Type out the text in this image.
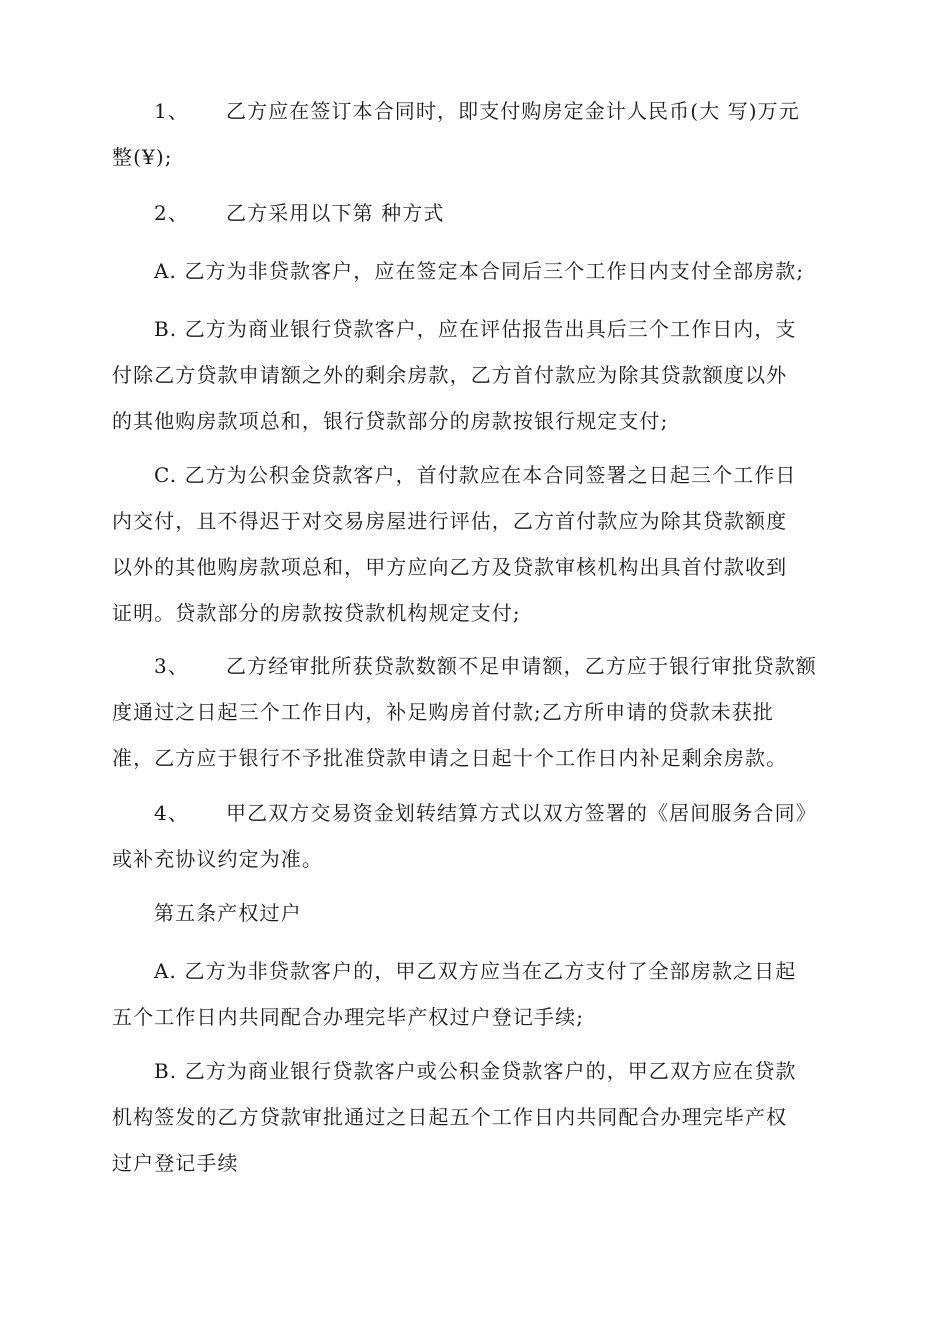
1、 乙方应在签订本合同时，即支付购房定金计人民币(大 写)万元
整(¥);
2、 乙方采用以下第 种方式
A. 乙方为非贷款客户，应在签定本合同后三个工作日内支付全部房款;
B. 乙方为商业银行贷款客户，应在评估报告出具后三个工作日内，支
付除乙方贷款申请额之外的剩余房款，乙方首付款应为除其贷款额度以外
的其他购房款项总和，银行贷款部分的房款按银行规定支付;
C. 乙方为公积金贷款客户，首付款应在本合同签署之日起三个工作日
内交付，且不得迟于对交易房屋进行评估，乙方首付款应为除其贷款额度
以外的其他购房款项总和，甲方应向乙方及贷款审核机构出具首付款收到
证明。贷款部分的房款按贷款机构规定支付;
3、 乙方经审批所获贷款数额不足申请额，乙方应于银行审批贷款额
度通过之日起三个工作日内，补足购房首付款;乙方所申请的贷款未获批
准，乙方应于银行不予批准贷款申请之日起十个工作日内补足剩余房款。
4、 甲乙双方交易资金划转结算方式以双方签署的《居间服务合同》
或补充协议约定为准。
第五条产权过户
A. 乙方为非贷款客户的，甲乙双方应当在乙方支付了全部房款之日起
五个工作日内共同配合办理完毕产权过户登记手续;
B. 乙方为商业银行贷款客户或公积金贷款客户的，甲乙双方应在贷款
机构签发的乙方贷款审批通过之日起五个工作日内共同配合办理完毕产权
过户登记手续
